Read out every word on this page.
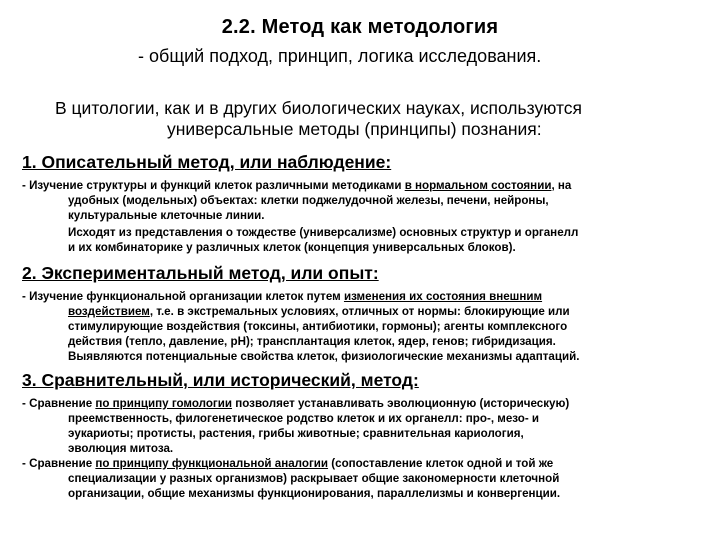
2.2. Метод как методология
- общий подход, принцип, логика исследования.
В цитологии, как и в других биологических науках, используются
универсальные методы (принципы) познания:

1. Описательный метод, или наблюдение:

- Изучение структуры и функций клеток различными методиками в нормальном состоянии, на
удобных (модельных) объектах: клетки поджелудочной железы, печени, нейроны,
культуральные клеточные линии.

Исходят из представления о тождестве (универсализме) основных структур и органелл
и их комбинаторике у различных клеток (концепция универсальных блоков).

2. Экспериментальный метод, или опыт:

- Изучение функциональной организации клеток путем изменения их состояния внешним
воздействием, т.е. в экстремальных условиях, отличных от нормы: блокирующие или
стимулирующие воздействия (токсины, антибиотики, гормоны); агенты комплексного
действия (тепло, давление, рН); трансплантация клеток, ядер, генов; гибридизация.
Выявляются потенциальные свойства клеток, физиологические механизмы адаптаций.

3. Сравнительный, или исторический, метод:

- Сравнение по принципу гомологии позволяет устанавливать эволюционную (историческую)
преемственность, филогенетическое родство клеток и их органелл: про-, мезо- и
эукариоты; протисты, растения, грибы животные; сравнительная кариология,
эволюция митоза.

- Сравнение по принципу функциональной аналогии (сопоставление клеток одной и той же
специализации у разных организмов) раскрывает общие закономерности клеточной
организации, общие механизмы функционирования, параллелизмы и конвергенции.
